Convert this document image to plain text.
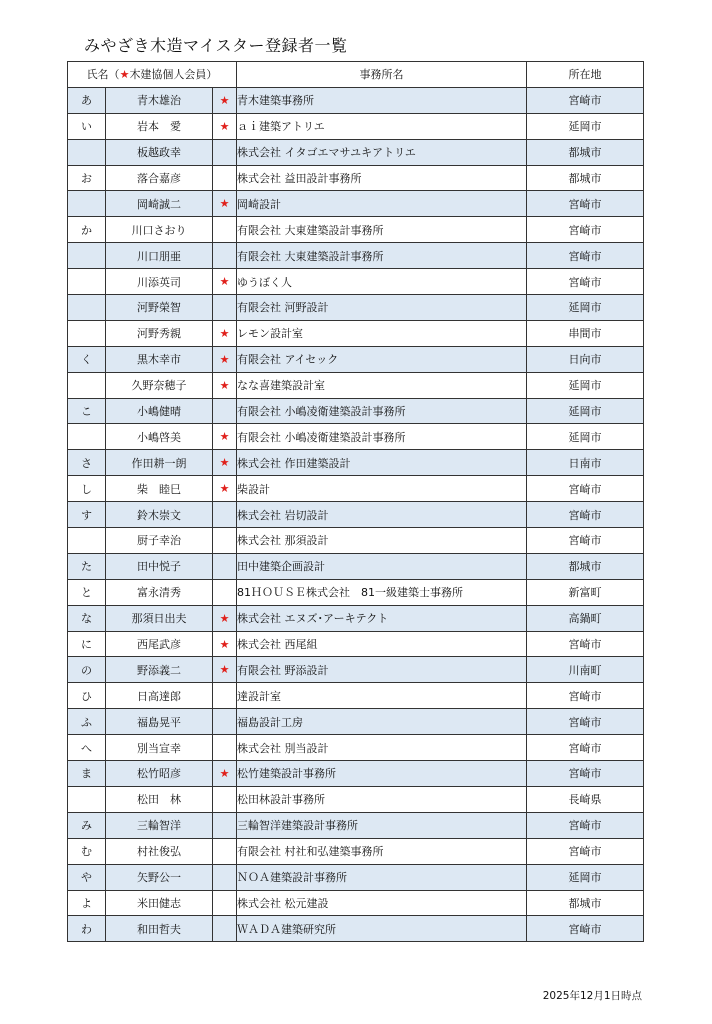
みやざき木造マイスター登録者一覧
氏名（★木建協個人会員）			事務所名	所在地
あ	青木雄治	★	青木建築事務所	宮崎市
い	岩本　愛	★	ａｉ建築アトリエ	延岡市
	板越政幸		株式会社 イタゴエマサユキアトリエ	都城市
お	落合嘉彦		株式会社 益田設計事務所	都城市
	岡崎誠二	★	岡崎設計	宮崎市
か	川口さおり		有限会社 大東建築設計事務所	宮崎市
	川口朋亜		有限会社 大東建築設計事務所	宮崎市
	川添英司	★	ゆうぼく人	宮崎市
	河野榮智		有限会社 河野設計	延岡市
	河野秀親	★	レモン設計室	串間市
く	黒木幸市	★	有限会社 アイセック	日向市
	久野奈穂子	★	なな喜建築設計室	延岡市
こ	小嶋健晴		有限会社 小嶋凌衛建築設計事務所	延岡市
	小嶋啓美	★	有限会社 小嶋凌衛建築設計事務所	延岡市
さ	作田耕一朗	★	株式会社 作田建築設計	日南市
し	柴　睦巳	★	柴設計	宮崎市
す	鈴木崇文		株式会社 岩切設計	宮崎市
	厨子幸治		株式会社 那須設計	宮崎市
た	田中悦子		田中建築企画設計	都城市
と	富永清秀		81ＨＯＵＳＥ株式会社　81一級建築士事務所	新富町
な	那須日出夫	★	株式会社 エヌズ･アーキテクト	高鍋町
に	西尾武彦	★	株式会社 西尾組	宮崎市
の	野添義二	★	有限会社 野添設計	川南町
ひ	日高達郎		達設計室	宮崎市
ふ	福島晃平		福島設計工房	宮崎市
へ	別当宣幸		株式会社 別当設計	宮崎市
ま	松竹昭彦	★	松竹建築設計事務所	宮崎市
	松田　林		松田林設計事務所	長崎県
み	三輪智洋		三輪智洋建築設計事務所	宮崎市
む	村社俊弘		有限会社 村社和弘建築事務所	宮崎市
や	矢野公一		ＮＯＡ建築設計事務所	延岡市
よ	米田健志		株式会社 松元建設	都城市
わ	和田哲夫		ＷＡＤＡ建築研究所	宮崎市
2025年12月1日時点
